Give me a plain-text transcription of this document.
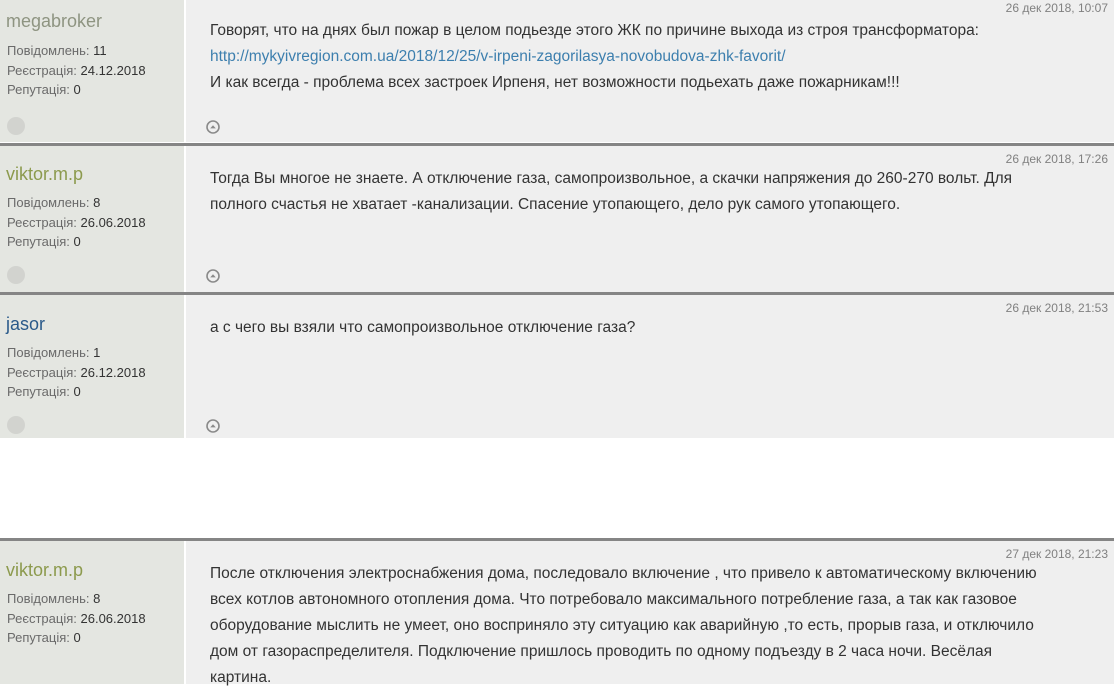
megabroker
Повідомлень: 11
Реєстрація: 24.12.2018
Репутація: 0
26 дек 2018, 10:07
Говорят, что на днях был пожар в целом подьезде этого ЖК по причине выхода из строя трансформатора:
http://mykyivregion.com.ua/2018/12/25/v-irpeni-zagorilasya-novobudova-zhk-favorit/
И как всегда - проблема всех застроек Ирпеня, нет возможности подьехать даже пожарникам!!!
viktor.m.p
Повідомлень: 8
Реєстрація: 26.06.2018
Репутація: 0
26 дек 2018, 17:26
Тогда Вы многое не знаете. А отключение газа, самопроизвольное, а скачки напряжения до 260-270 вольт. Для полного счастья не хватает -канализации. Спасение утопающего, дело рук самого утопающего.
jasor
Повідомлень: 1
Реєстрація: 26.12.2018
Репутація: 0
26 дек 2018, 21:53
а с чего вы взяли что самопроизвольное отключение газа?
viktor.m.p
Повідомлень: 8
Реєстрація: 26.06.2018
Репутація: 0
27 дек 2018, 21:23
После отключения электроснабжения дома, последовало включение , что привело к автоматическому включению всех котлов автономного отопления дома. Что потребовало максимального потребление газа, а так как газовое оборудование мыслить не умеет, оно восприняло эту ситуацию как аварийную ,то есть, прорыв газа, и отключило дом от газораспределителя. Подключение пришлось проводить по одному подъезду в 2 часа ночи. Весёлая картина.
